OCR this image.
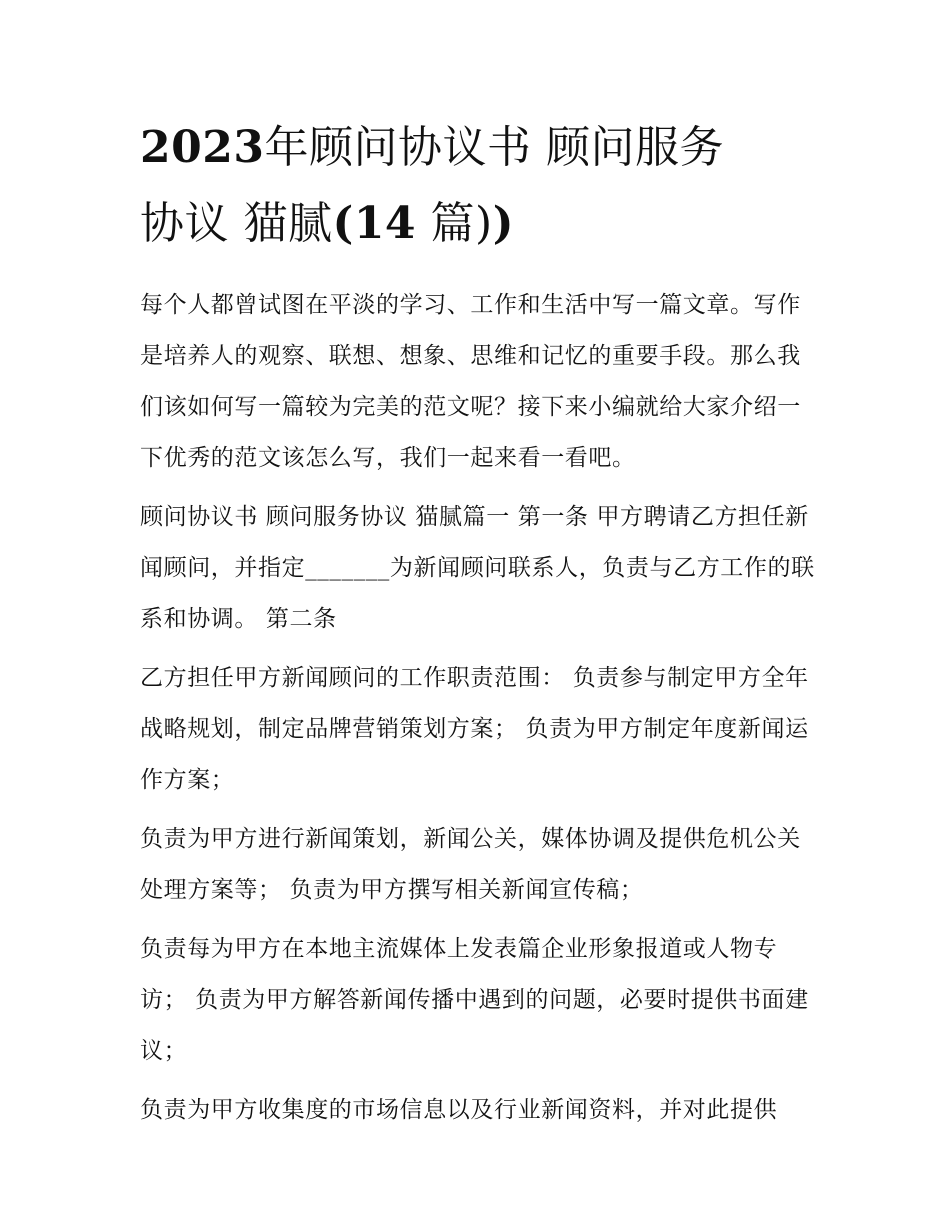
2023年顾问协议书 顾问服务
协议 猫腻(14 篇))

每个人都曾试图在平淡的学习、工作和生活中写一篇文章。写作是培养人的观察、联想、想象、思维和记忆的重要手段。那么我们该如何写一篇较为完美的范文呢？接下来小编就给大家介绍一下优秀的范文该怎么写，我们一起来看一看吧。

顾问协议书 顾问服务协议 猫腻篇一 第一条 甲方聘请乙方担任新闻顾问，并指定_______为新闻顾问联系人，负责与乙方工作的联系和协调。 第二条

乙方担任甲方新闻顾问的工作职责范围： 负责参与制定甲方全年战略规划，制定品牌营销策划方案； 负责为甲方制定年度新闻运作方案；

负责为甲方进行新闻策划，新闻公关，媒体协调及提供危机公关处理方案等； 负责为甲方撰写相关新闻宣传稿；

负责每为甲方在本地主流媒体上发表篇企业形象报道或人物专访； 负责为甲方解答新闻传播中遇到的问题，必要时提供书面建议；

负责为甲方收集度的市场信息以及行业新闻资料，并对此提供
